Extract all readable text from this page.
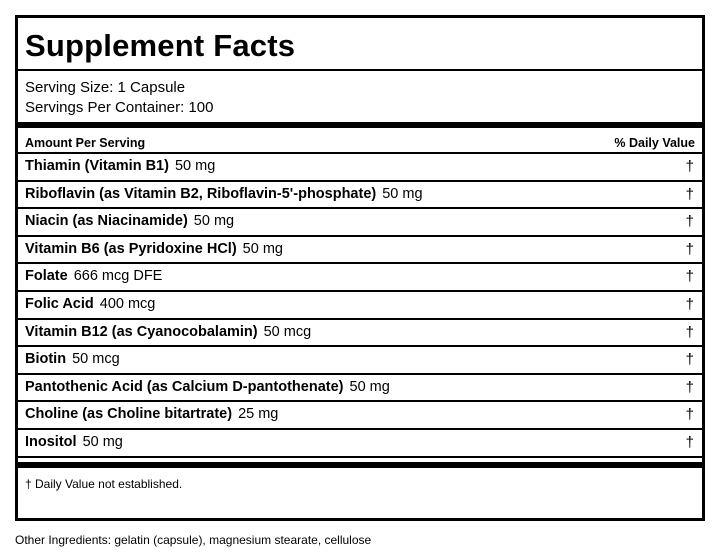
Supplement Facts

Serving Size: 1 Capsule

Servings Per Container: 100

Amount Per Serving	% Daily Value
Thiamin (Vitamin B1) 50 mg	†
Riboflavin (as Vitamin B2, Riboflavin-5'-phosphate) 50 mg	†
Niacin (as Niacinamide) 50 mg	†
Vitamin B6 (as Pyridoxine HCl) 50 mg	†
Folate 666 mcg DFE	†
Folic Acid 400 mcg	†
Vitamin B12 (as Cyanocobalamin) 50 mcg	†
Biotin 50 mcg	†
Pantothenic Acid (as Calcium D-pantothenate) 50 mg	†
Choline (as Choline bitartrate) 25 mg	†
Inositol 50 mg	†

† Daily Value not established.

Other Ingredients: gelatin (capsule), magnesium stearate, cellulose
